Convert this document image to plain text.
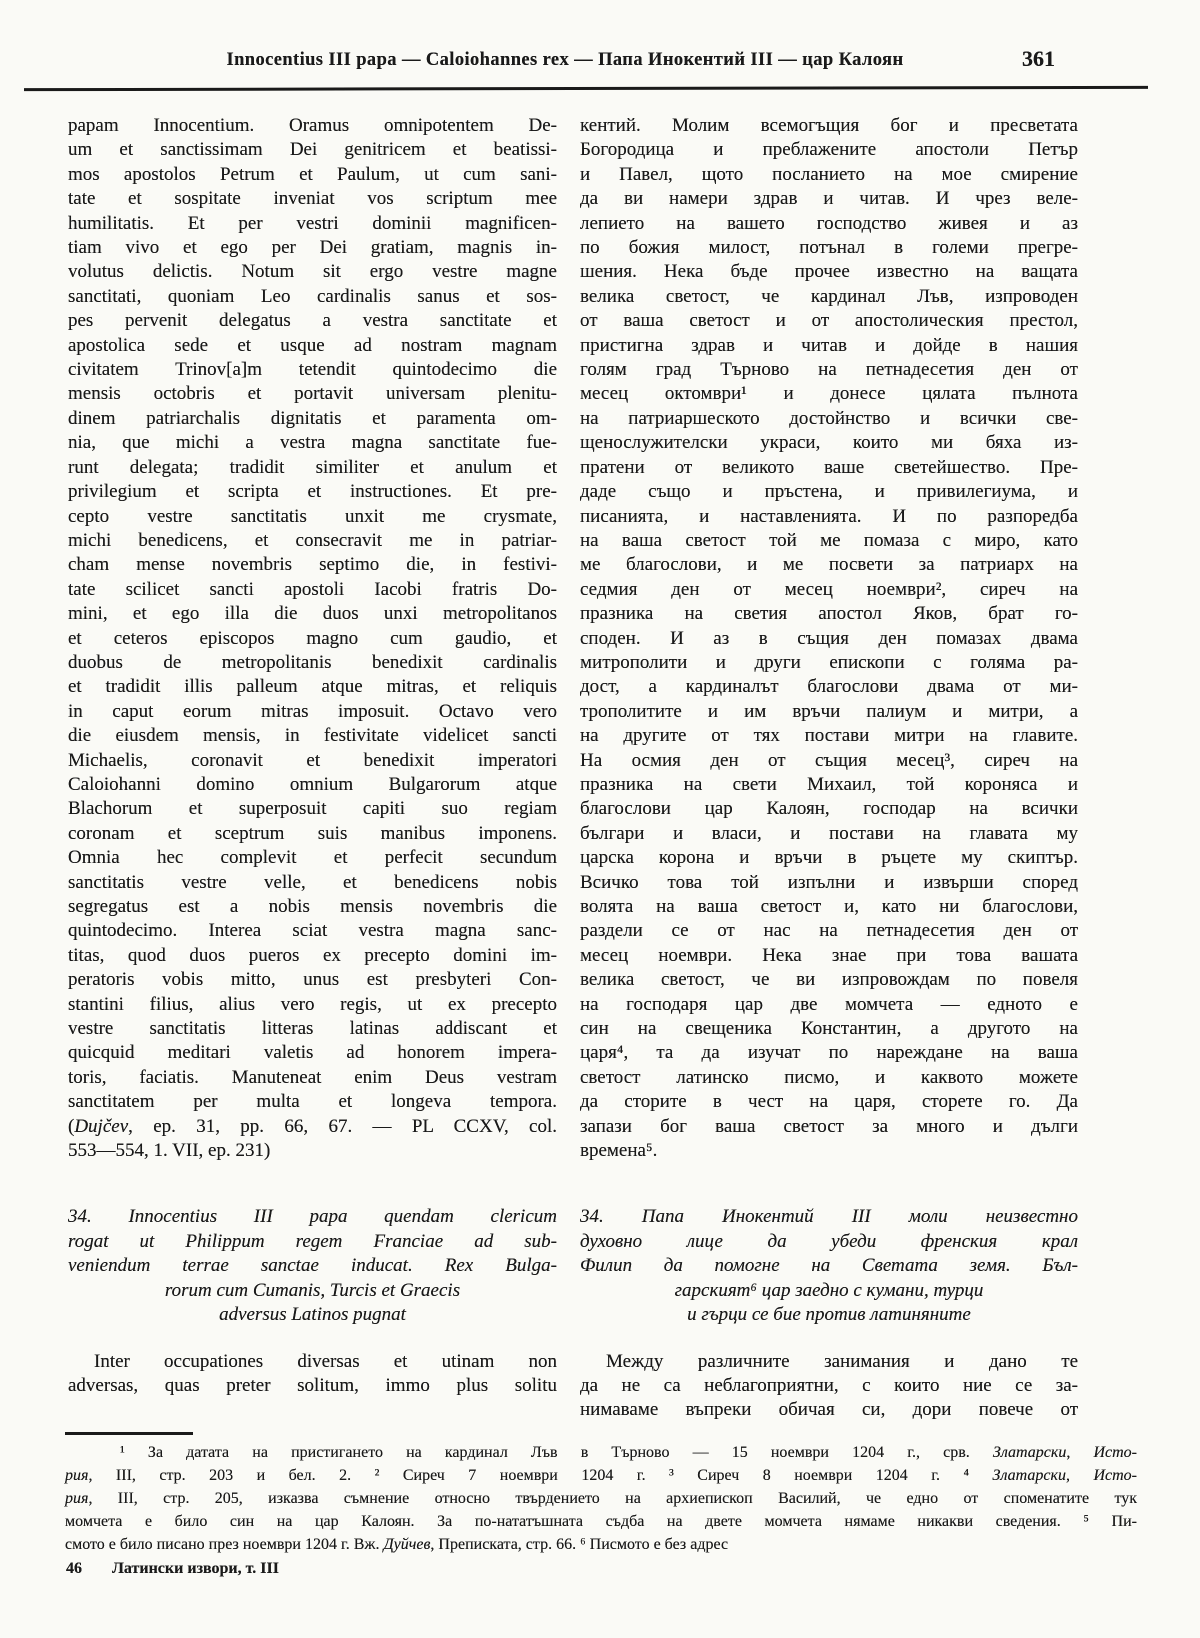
Innocentius III papa — Caloiohannes rex — Папа Инокентий III — цар Калоян	361
papam Innocentium. Oramus omnipotentem De-
um et sanctissimam Dei genitricem et beatissi-
mos apostolos Petrum et Paulum, ut cum sani-
tate et sospitate inveniat vos scriptum mee
humilitatis. Et per vestri dominii magnificen-
tiam vivo et ego per Dei gratiam, magnis in-
volutus delictis. Notum sit ergo vestre magne
sanctitati, quoniam Leo cardinalis sanus et sos-
pes pervenit delegatus a vestra sanctitate et
apostolica sede et usque ad nostram magnam
civitatem Trinov[a]m tetendit quintodecimo die
mensis octobris et portavit universam plenitu-
dinem patriarchalis dignitatis et paramenta om-
nia, que michi a vestra magna sanctitate fue-
runt delegata; tradidit similiter et anulum et
privilegium et scripta et instructiones. Et pre-
cepto vestre sanctitatis unxit me crysmate,
michi benedicens, et consecravit me in patriar-
cham mense novembris septimo die, in festivi-
tate scilicet sancti apostoli Iacobi fratris Do-
mini, et ego illa die duos unxi metropolitanos
et ceteros episcopos magno cum gaudio, et
duobus de metropolitanis benedixit cardinalis
et tradidit illis palleum atque mitras, et reliquis
in caput eorum mitras imposuit. Octavo vero
die eiusdem mensis, in festivitate videlicet sancti
Michaelis, coronavit et benedixit imperatori
Caloiohanni domino omnium Bulgarorum atque
Blachorum et superposuit capiti suo regiam
coronam et sceptrum suis manibus imponens.
Omnia hec complevit et perfecit secundum
sanctitatis vestre velle, et benedicens nobis
segregatus est a nobis mensis novembris die
quintodecimo. Interea sciat vestra magna sanc-
titas, quod duos pueros ex precepto domini im-
peratoris vobis mitto, unus est presbyteri Con-
stantini filius, alius vero regis, ut ex precepto
vestre sanctitatis litteras latinas addiscant et
quicquid meditari valetis ad honorem impera-
toris, faciatis. Manuteneat enim Deus vestram
sanctitatem per multa et longeva tempora.
(Dujčev, ep. 31, pp. 66, 67. — PL CCXV, col.
553—554, 1. VII, ep. 231)
34. Innocentius III papa quendam clericum
rogat ut Philippum regem Franciae ad sub-
veniendum terrae sanctae inducat. Rex Bulga-
rorum cum Cumanis, Turcis et Graecis
adversus Latinos pugnat
Inter occupationes diversas et utinam non
adversas, quas preter solitum, immo plus solitu
кентий. Молим всемогъщия бог и пресветата
Богородица и преблажените апостоли Петър
и Павел, щото посланието на мое смирение
да ви намери здрав и читав. И чрез веле-
лепието на вашето господство живея и аз
по божия милост, потънал в големи прегре-
шения. Нека бъде прочее известно на ващата
велика светост, че кардинал Лъв, изпроводен
от ваша светост и от апостолическия престол,
пристигна здрав и читав и дойде в нашия
голям град Търново на петнадесетия ден от
месец октомври¹ и донесе цялата пълнота
на патриаршеското достойнство и всички све-
щенослужителски украси, които ми бяха из-
пратени от великото ваше светейшество. Пре-
даде също и пръстена, и привилегиума, и
писанията, и наставленията. И по разпоредба
на ваша светост той ме помаза с миро, като
ме благослови, и ме посвети за патриарх на
седмия ден от месец ноември², сиреч на
празника на светия апостол Яков, брат го-
споден. И аз в същия ден помазах двама
митрополити и други епископи с голяма ра-
дост, а кардиналът благослови двама от ми-
трополитите и им връчи палиум и митри, а
на другите от тях постави митри на главите.
На осмия ден от същия месец³, сиреч на
празника на свети Михаил, той короняса и
благослови цар Калоян, господар на всички
българи и власи, и постави на главата му
царска корона и връчи в ръцете му скиптър.
Всичко това той изпълни и извърши според
волята на ваша светост и, като ни благослови,
раздели се от нас на петнадесетия ден от
месец ноември. Нека знае при това вашата
велика светост, че ви изпровождам по повеля
на господаря цар две момчета — едното е
син на свещеника Константин, а другото на
царя⁴, та да изучат по нареждане на ваша
светост латинско писмо, и каквото можете
да сторите в чест на царя, сторете го. Да
запази бог ваша светост за много и дълги
времена⁵.
34. Папа Инокентий III моли неизвестно
духовно лице да убеди френския крал
Филип да помогне на Светата земя. Бъл-
гарският⁶ цар заедно с кумани, турци
и гърци се бие против латиняните
Между различните занимания и дано те
да не са неблагоприятни, с които ние се за-
нимаваме въпреки обичая си, дори повече от
¹ За датата на пристигането на кардинал Лъв в Търново — 15 ноември 1204 г., срв. Златарски, Исто-
рия, III, стр. 203 и бел. 2. ² Сиреч 7 ноември 1204 г. ³ Сиреч 8 ноември 1204 г. ⁴ Златарски, Исто-
рия, III, стр. 205, изказва съмнение относно твърдението на архиепископ Василий, че едно от споменатите тук
момчета е било син на цар Калоян. За по-нататъшната съдба на двете момчета нямаме никакви сведения. ⁵ Пи-
смото е било писано през ноември 1204 г. Вж. Дуйчев, Преписката, стр. 66. ⁶ Писмото е без адрес
46 Латински извори, т. III
